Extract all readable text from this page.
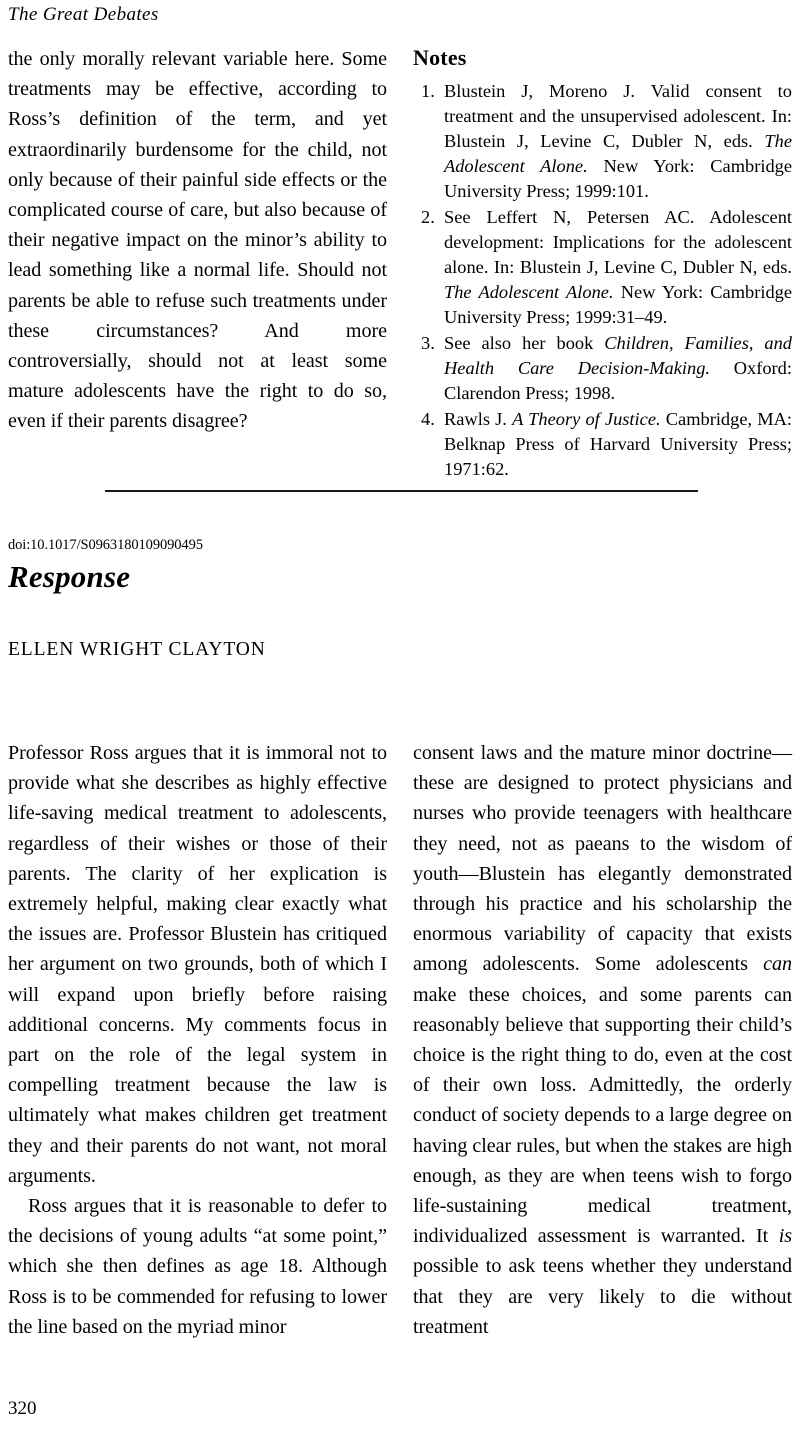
The Great Debates

the only morally relevant variable here. Some treatments may be effective, according to Ross’s definition of the term, and yet extraordinarily burdensome for the child, not only because of their painful side effects or the complicated course of care, but also because of their negative impact on the minor’s ability to lead something like a normal life. Should not parents be able to refuse such treatments under these circumstances? And more controversially, should not at least some mature adolescents have the right to do so, even if their parents disagree?

Notes
Blustein J, Moreno J. Valid consent to treatment and the unsupervised adolescent. In: Blustein J, Levine C, Dubler N, eds. The Adolescent Alone. New York: Cambridge University Press; 1999:101.
See Leffert N, Petersen AC. Adolescent development: Implications for the adolescent alone. In: Blustein J, Levine C, Dubler N, eds. The Adolescent Alone. New York: Cambridge University Press; 1999:31–49.
See also her book Children, Families, and Health Care Decision-Making. Oxford: Clarendon Press; 1998.
Rawls J. A Theory of Justice. Cambridge, MA: Belknap Press of Harvard University Press; 1971:62.

doi:10.1017/S0963180109090495

Response

ELLEN WRIGHT CLAYTON

Professor Ross argues that it is immoral not to provide what she describes as highly effective life-saving medical treatment to adolescents, regardless of their wishes or those of their parents. The clarity of her explication is extremely helpful, making clear exactly what the issues are. Professor Blustein has critiqued her argument on two grounds, both of which I will expand upon briefly before raising additional concerns. My comments focus in part on the role of the legal system in compelling treatment because the law is ultimately what makes children get treatment they and their parents do not want, not moral arguments.

Ross argues that it is reasonable to defer to the decisions of young adults “at some point,” which she then defines as age 18. Although Ross is to be commended for refusing to lower the line based on the myriad minor

consent laws and the mature minor doctrine—these are designed to protect physicians and nurses who provide teenagers with healthcare they need, not as paeans to the wisdom of youth—Blustein has elegantly demonstrated through his practice and his scholarship the enormous variability of capacity that exists among adolescents. Some adolescents can make these choices, and some parents can reasonably believe that supporting their child’s choice is the right thing to do, even at the cost of their own loss. Admittedly, the orderly conduct of society depends to a large degree on having clear rules, but when the stakes are high enough, as they are when teens wish to forgo life-sustaining medical treatment, individualized assessment is warranted. It is possible to ask teens whether they understand that they are very likely to die without treatment

320
